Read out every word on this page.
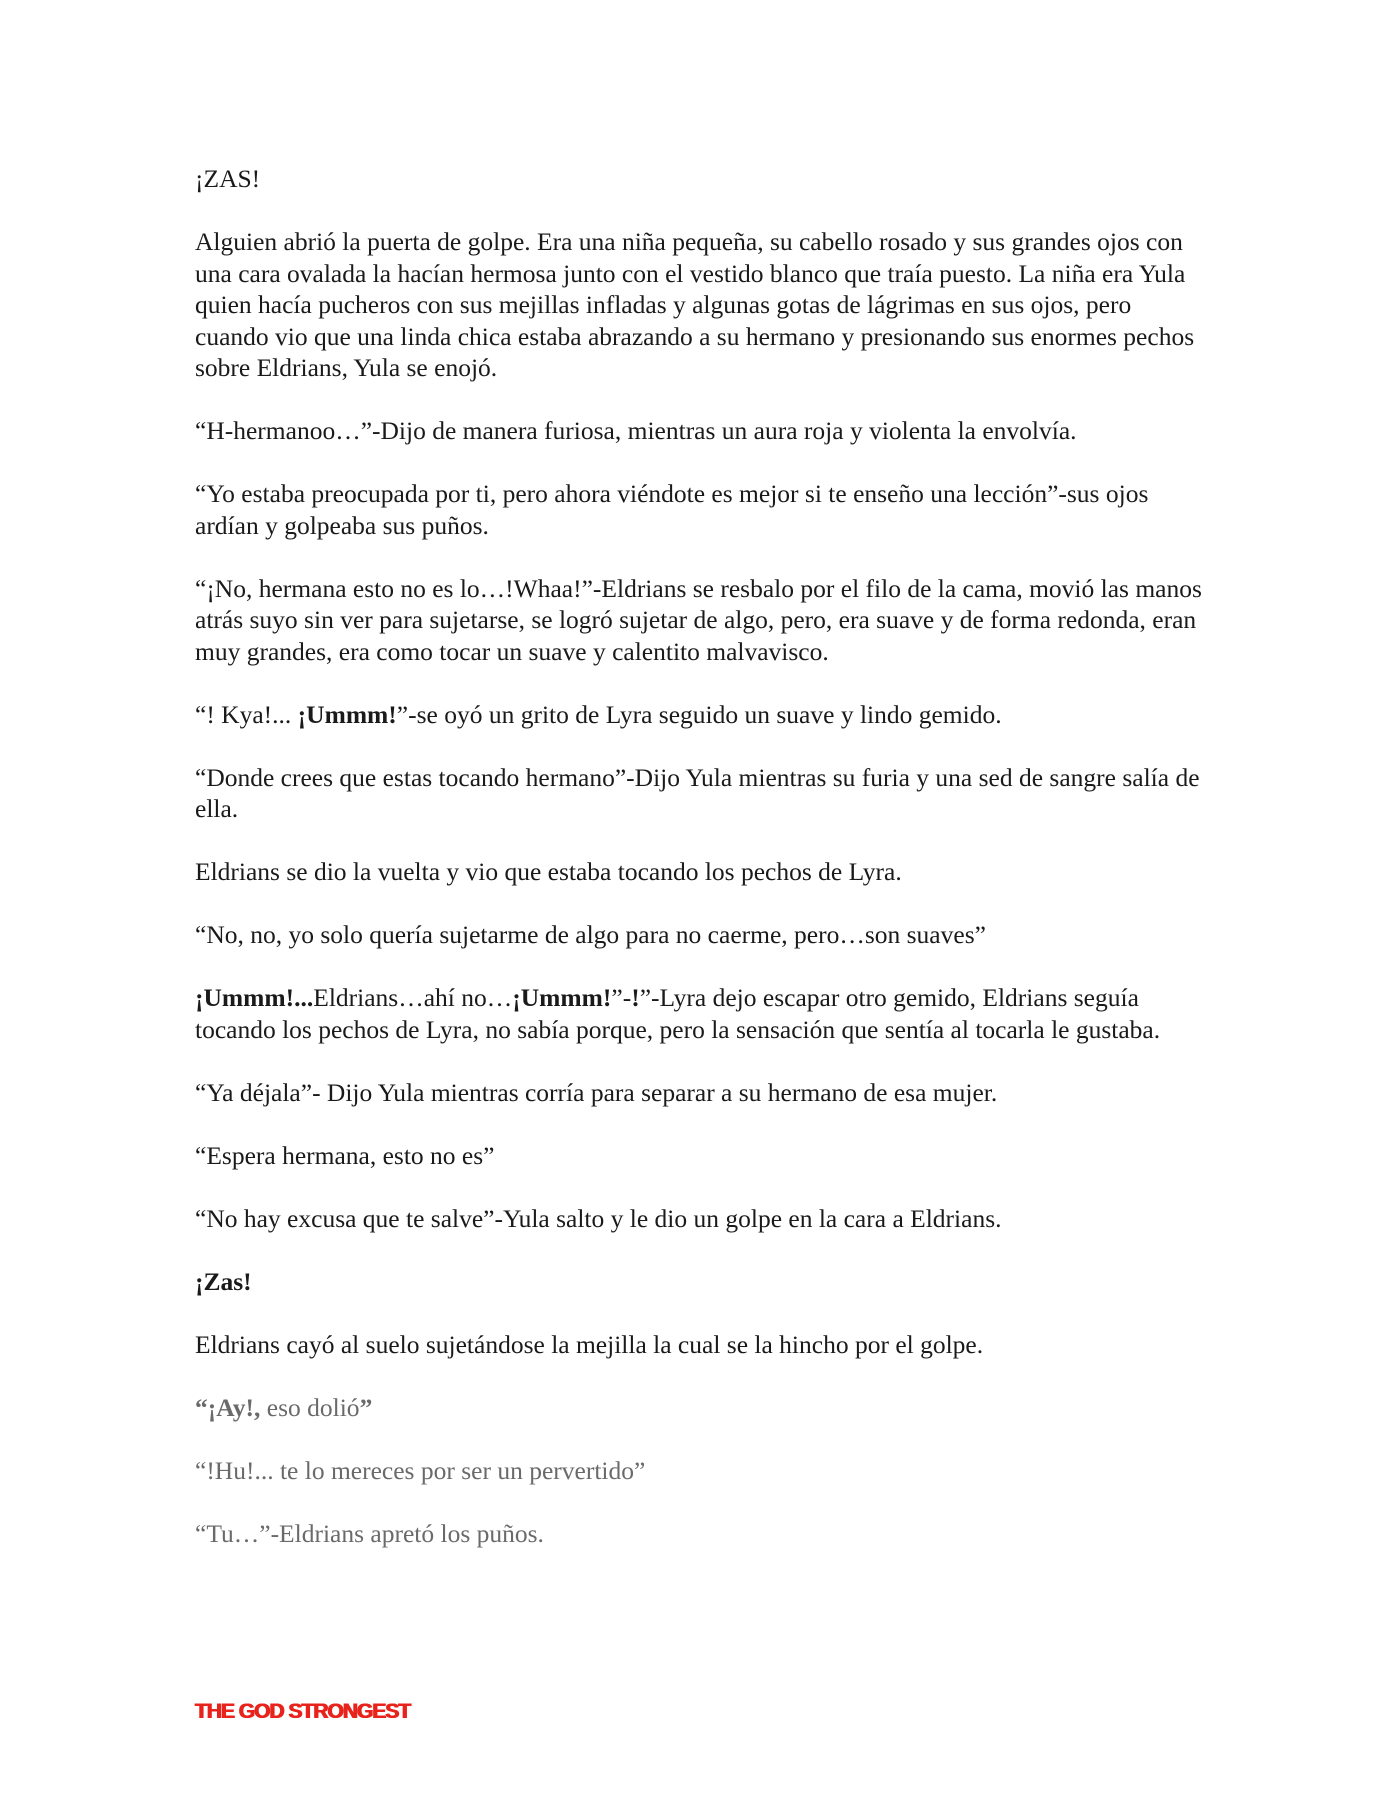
¡ZAS!

Alguien abrió la puerta de golpe. Era una niña pequeña, su cabello rosado y sus grandes ojos con una cara ovalada la hacían hermosa junto con el vestido blanco que traía puesto. La niña era Yula quien hacía pucheros con sus mejillas infladas y algunas gotas de lágrimas en sus ojos, pero cuando vio que una linda chica estaba abrazando a su hermano y presionando sus enormes pechos sobre Eldrians, Yula se enojó.

“H-hermanoo…”-Dijo de manera furiosa, mientras un aura roja y violenta la envolvía.

“Yo estaba preocupada por ti, pero ahora viéndote es mejor si te enseño una lección”-sus ojos ardían y golpeaba sus puños.

“¡No, hermana esto no es lo…!Whaa!”-Eldrians se resbalo por el filo de la cama, movió las manos atrás suyo sin ver para sujetarse, se logró sujetar de algo, pero, era suave y de forma redonda, eran muy grandes, era como tocar un suave y calentito malvavisco.

“! Kya!... ¡Ummm!”-se oyó un grito de Lyra seguido un suave y lindo gemido.

“Donde crees que estas tocando hermano”-Dijo Yula mientras su furia y una sed de sangre salía de ella.

Eldrians se dio la vuelta y vio que estaba tocando los pechos de Lyra.

“No, no, yo solo quería sujetarme de algo para no caerme, pero…son suaves”

¡Ummm!...Eldrians…ahí no…¡Ummm!”-!”-Lyra dejo escapar otro gemido, Eldrians seguía tocando los pechos de Lyra, no sabía porque, pero la sensación que sentía al tocarla le gustaba.

“Ya déjala”- Dijo Yula mientras corría para separar a su hermano de esa mujer.

“Espera hermana, esto no es”

“No hay excusa que te salve”-Yula salto y le dio un golpe en la cara a Eldrians.

¡Zas!

Eldrians cayó al suelo sujetándose la mejilla la cual se la hincho por el golpe.

“¡Ay!, eso dolió”

“!Hu!... te lo mereces por ser un pervertido”

“Tu…”-Eldrians apretó los puños.

THE GOD STRONGEST
